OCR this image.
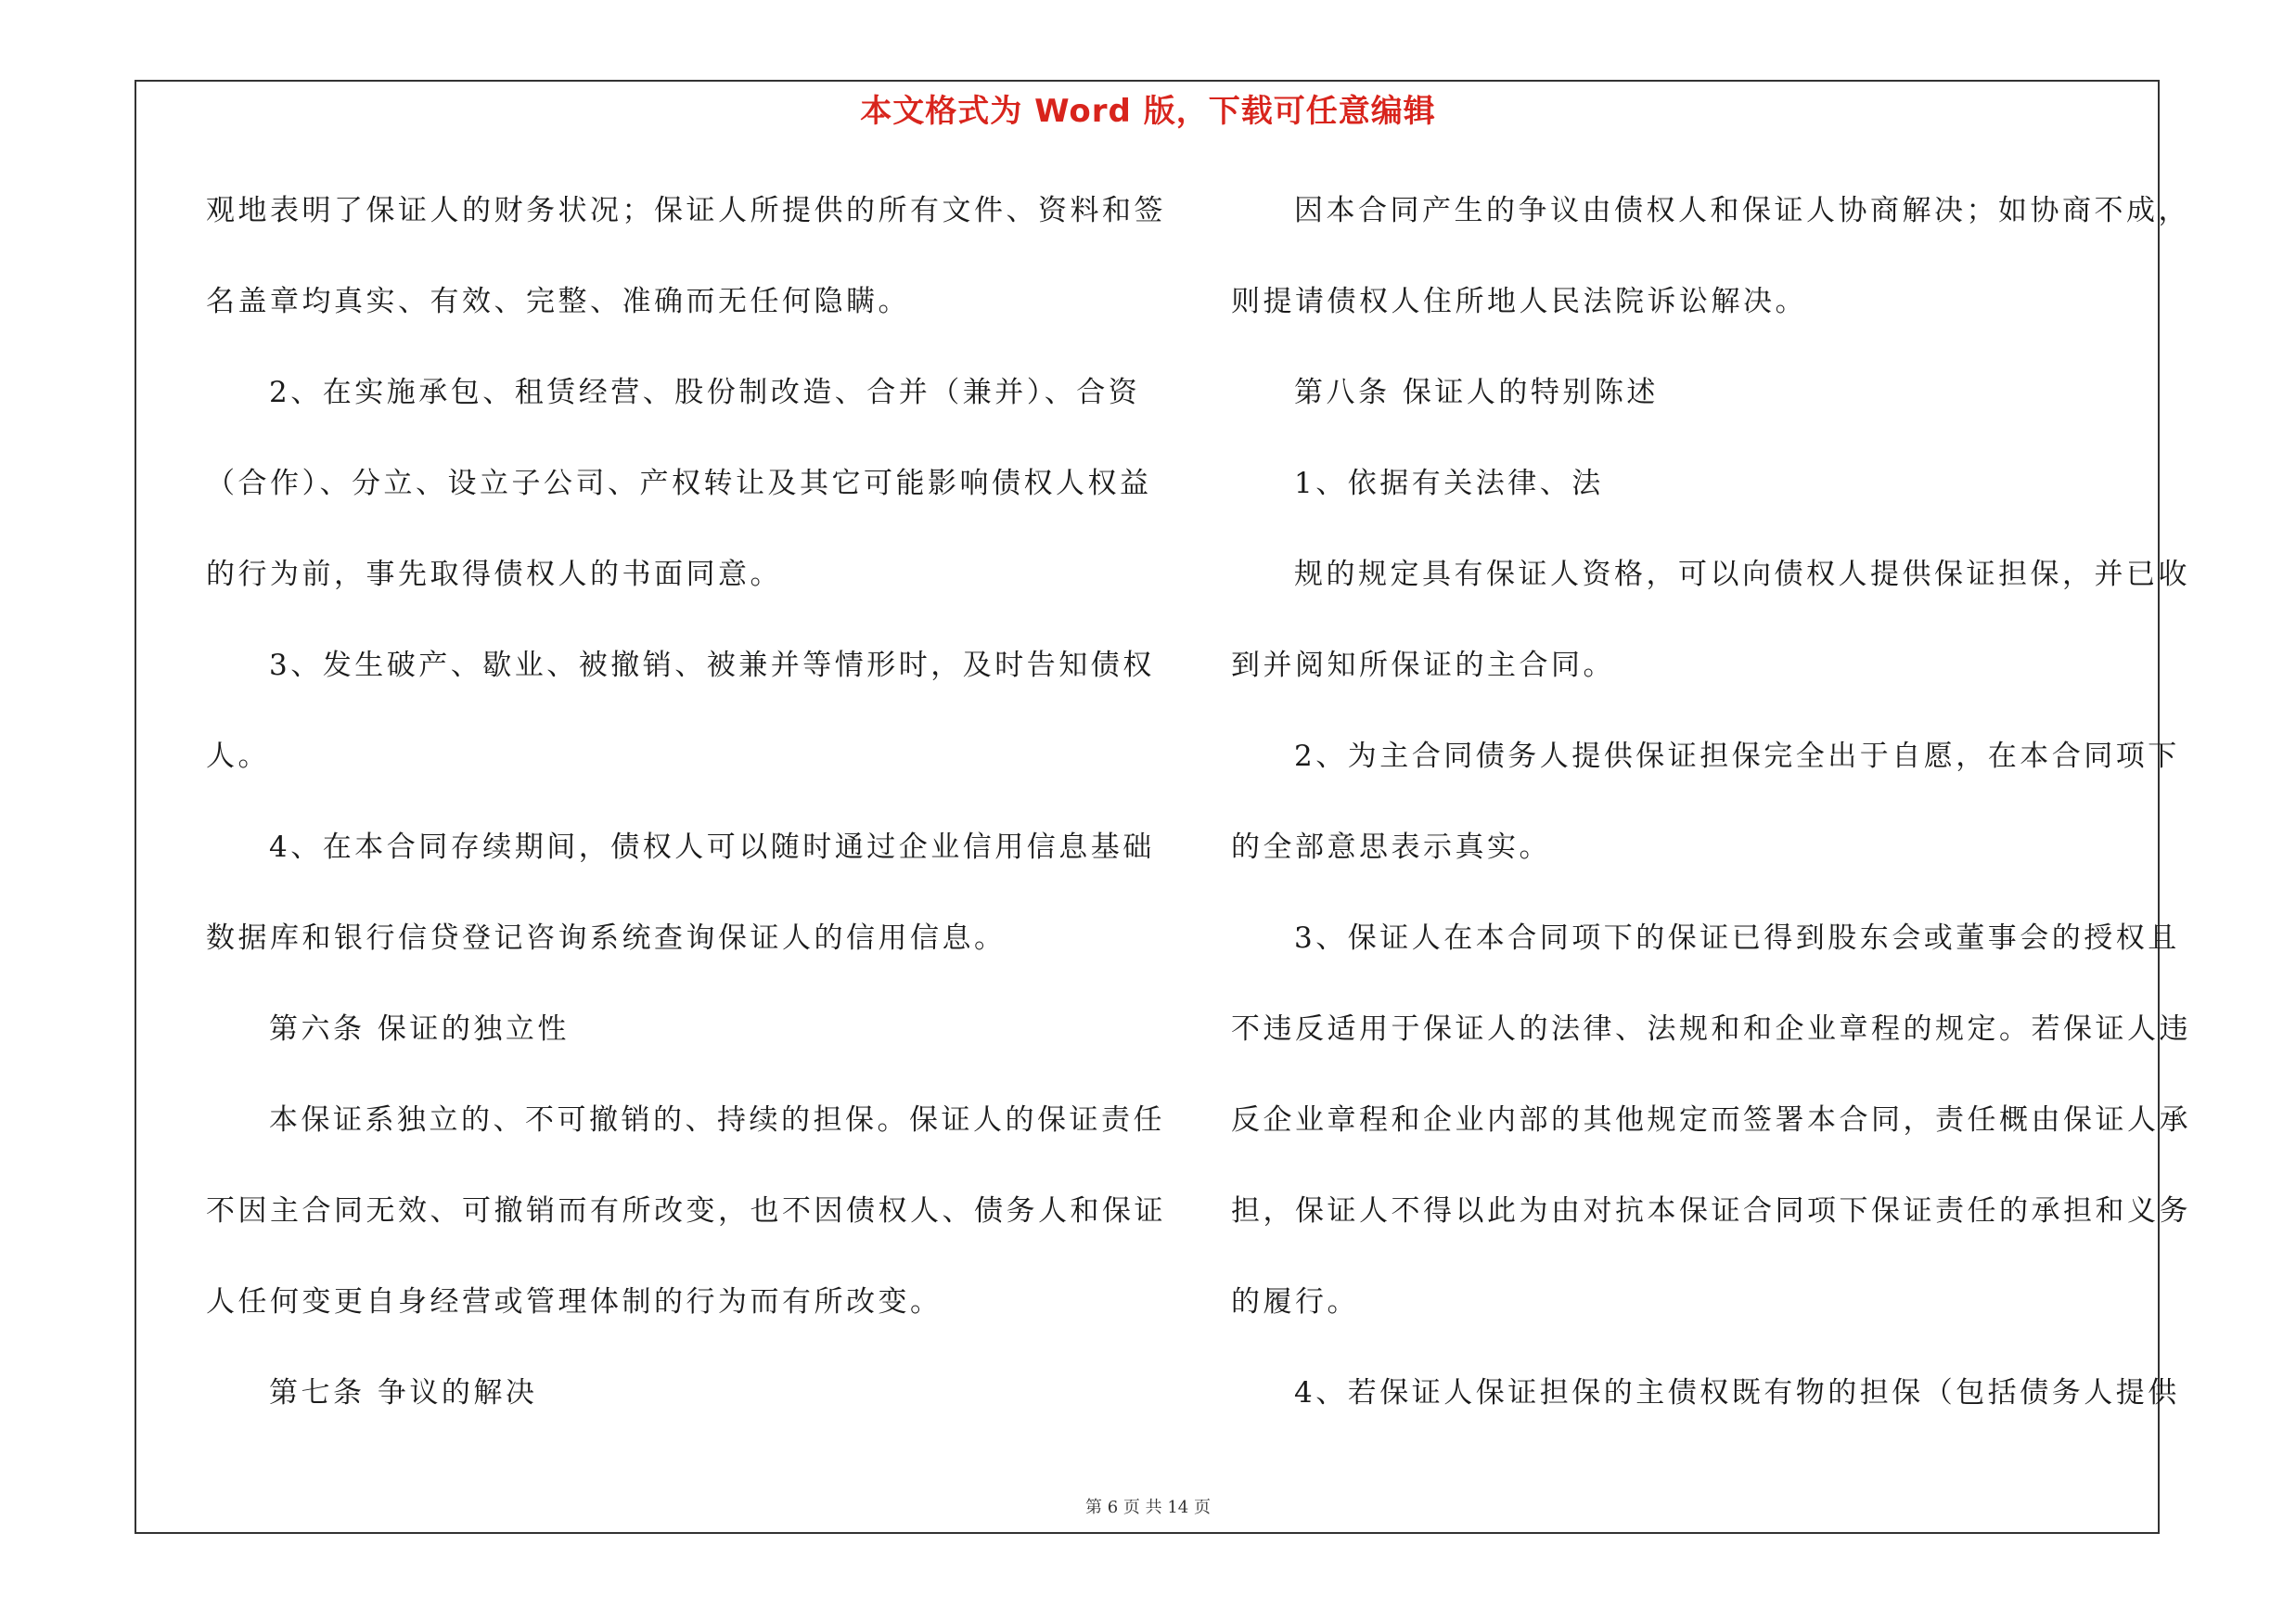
本文格式为 Word 版，下载可任意编辑
观地表明了保证人的财务状况；保证人所提供的所有文件、资料和签
名盖章均真实、有效、完整、准确而无任何隐瞒。
2、在实施承包、租赁经营、股份制改造、合并（兼并）、合资
（合作）、分立、设立子公司、产权转让及其它可能影响债权人权益
的行为前，事先取得债权人的书面同意。
3、发生破产、歇业、被撤销、被兼并等情形时，及时告知债权
人。
4、在本合同存续期间，债权人可以随时通过企业信用信息基础
数据库和银行信贷登记咨询系统查询保证人的信用信息。
第六条 保证的独立性
本保证系独立的、不可撤销的、持续的担保。保证人的保证责任
不因主合同无效、可撤销而有所改变，也不因债权人、债务人和保证
人任何变更自身经营或管理体制的行为而有所改变。
第七条 争议的解决
因本合同产生的争议由债权人和保证人协商解决；如协商不成，
则提请债权人住所地人民法院诉讼解决。
第八条 保证人的特别陈述
1、依据有关法律、法
规的规定具有保证人资格，可以向债权人提供保证担保，并已收
到并阅知所保证的主合同。
2、为主合同债务人提供保证担保完全出于自愿，在本合同项下
的全部意思表示真实。
3、保证人在本合同项下的保证已得到股东会或董事会的授权且
不违反适用于保证人的法律、法规和和企业章程的规定。若保证人违
反企业章程和企业内部的其他规定而签署本合同，责任概由保证人承
担，保证人不得以此为由对抗本保证合同项下保证责任的承担和义务
的履行。
4、若保证人保证担保的主债权既有物的担保（包括债务人提供
第 6 页 共 14 页
